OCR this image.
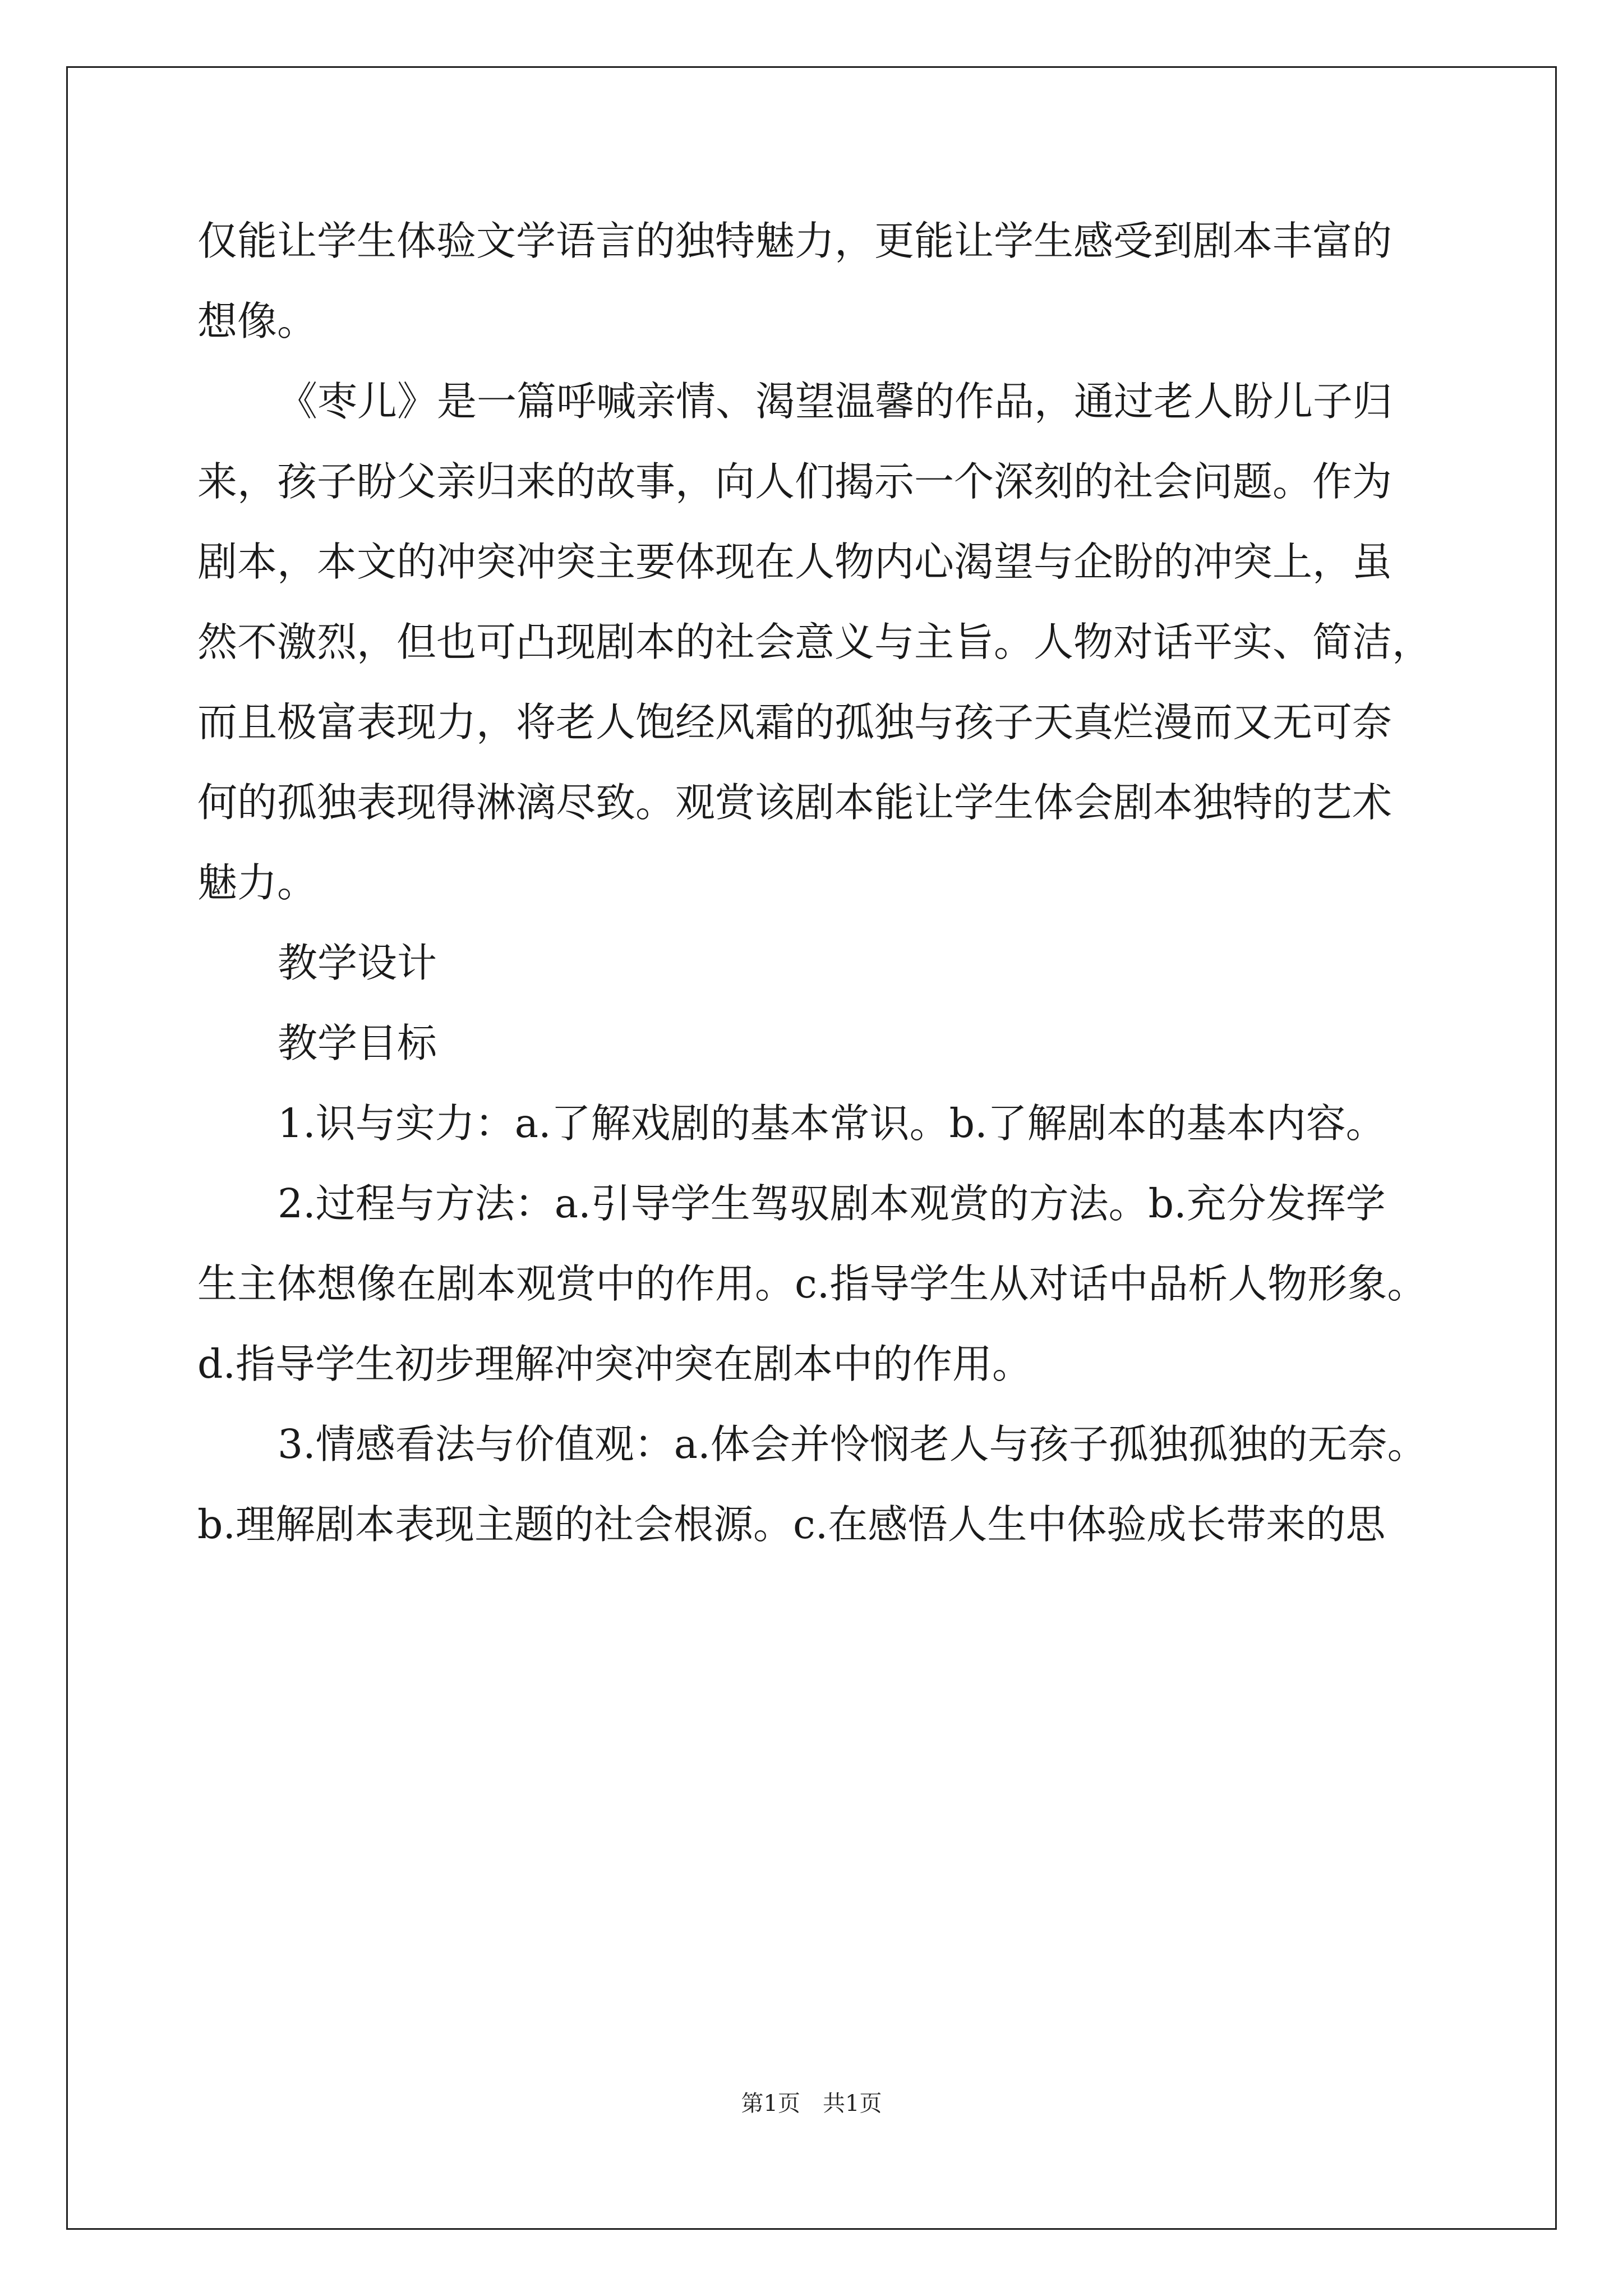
仅能让学生体验文学语言的独特魅力，更能让学生感受到剧本丰富的
想像。
《枣儿》是一篇呼喊亲情、渴望温馨的作品，通过老人盼儿子归
来，孩子盼父亲归来的故事，向人们揭示一个深刻的社会问题。作为
剧本，本文的冲突冲突主要体现在人物内心渴望与企盼的冲突上，虽
然不激烈，但也可凸现剧本的社会意义与主旨。人物对话平实、简洁，
而且极富表现力，将老人饱经风霜的孤独与孩子天真烂漫而又无可奈
何的孤独表现得淋漓尽致。观赏该剧本能让学生体会剧本独特的艺术
魅力。
教学设计
教学目标
1.识与实力：a.了解戏剧的基本常识。b.了解剧本的基本内容。
2.过程与方法：a.引导学生驾驭剧本观赏的方法。b.充分发挥学
生主体想像在剧本观赏中的作用。c.指导学生从对话中品析人物形象。
d.指导学生初步理解冲突冲突在剧本中的作用。
3.情感看法与价值观：a.体会并怜悯老人与孩子孤独孤独的无奈。
b.理解剧本表现主题的社会根源。c.在感悟人生中体验成长带来的思
第1页  共1页
